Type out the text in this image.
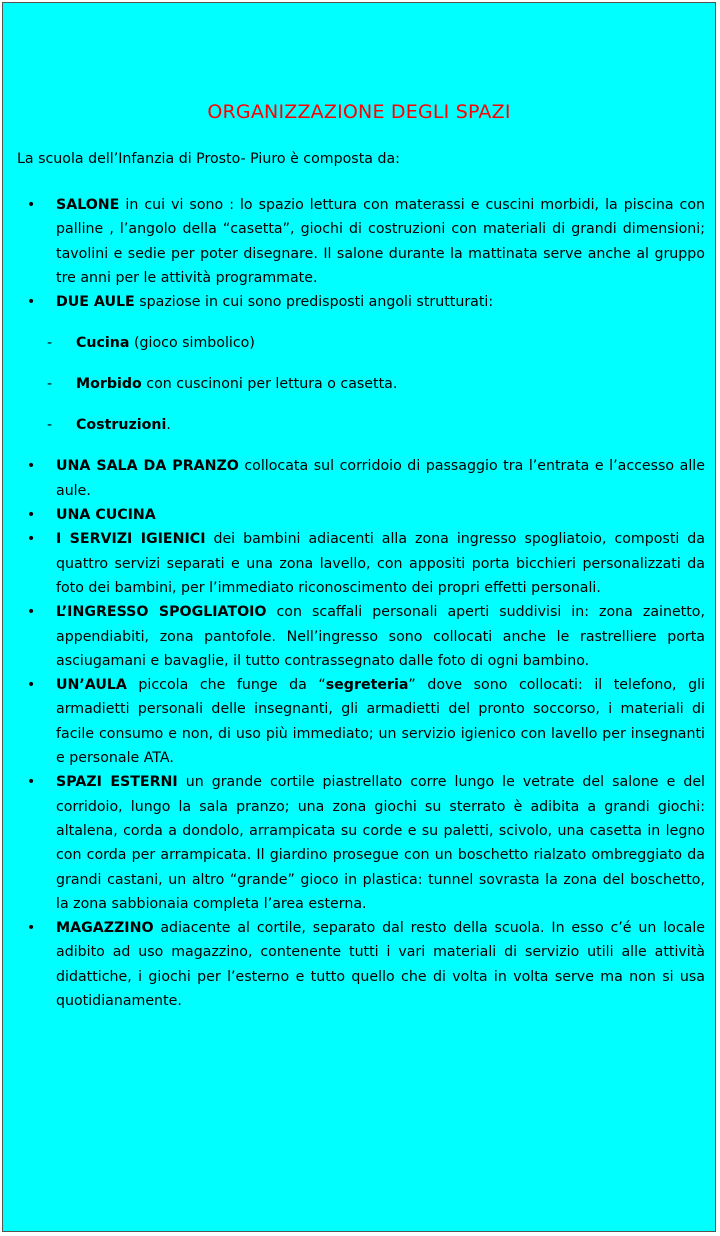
ORGANIZZAZIONE DEGLI SPAZI
La scuola dell’Infanzia di Prosto- Piuro è composta da:
• SALONE in cui vi sono : lo spazio lettura con materassi e cuscini morbidi, la piscina con palline , l’angolo della “casetta”, giochi di costruzioni con materiali di grandi dimensioni; tavolini e sedie per poter disegnare. Il salone durante la mattinata serve anche al gruppo tre anni per le attività programmate.
• DUE AULE spaziose in cui sono predisposti angoli strutturati:
- Cucina (gioco simbolico)
- Morbido con cuscinoni per lettura o casetta.
- Costruzioni.
• UNA SALA DA PRANZO collocata sul corridoio di passaggio tra l’entrata e l’accesso alle aule.
• UNA CUCINA
• I SERVIZI IGIENICI dei bambini adiacenti alla zona ingresso spogliatoio, composti da quattro servizi separati e una zona lavello, con appositi porta bicchieri personalizzati da foto dei bambini, per l’immediato riconoscimento dei propri effetti personali.
• L’INGRESSO SPOGLIATOIO con scaffali personali aperti suddivisi in: zona zainetto, appendiabiti, zona pantofole. Nell’ingresso sono collocati anche le rastrelliere porta asciugamani e bavaglie, il tutto contrassegnato dalle foto di ogni bambino.
• UN’AULA piccola che funge da “segreteria” dove sono collocati: il telefono, gli armadietti personali delle insegnanti, gli armadietti del pronto soccorso, i materiali di facile consumo e non, di uso più immediato; un servizio igienico con lavello per insegnanti e personale ATA.
• SPAZI ESTERNI un grande cortile piastrellato corre lungo le vetrate del salone e del corridoio, lungo la sala pranzo; una zona giochi su sterrato è adibita a grandi giochi: altalena, corda a dondolo, arrampicata su corde e su paletti, scivolo, una casetta in legno con corda per arrampicata. Il giardino prosegue con un boschetto rialzato ombreggiato da grandi castani, un altro “grande” gioco in plastica: tunnel sovrasta la zona del boschetto, la zona sabbionaia completa l’area esterna.
• MAGAZZINO adiacente al cortile, separato dal resto della scuola. In esso c’é un locale adibito ad uso magazzino, contenente tutti i vari materiali di servizio utili alle attività didattiche, i giochi per l’esterno e tutto quello che di volta in volta serve ma non si usa quotidianamente.
